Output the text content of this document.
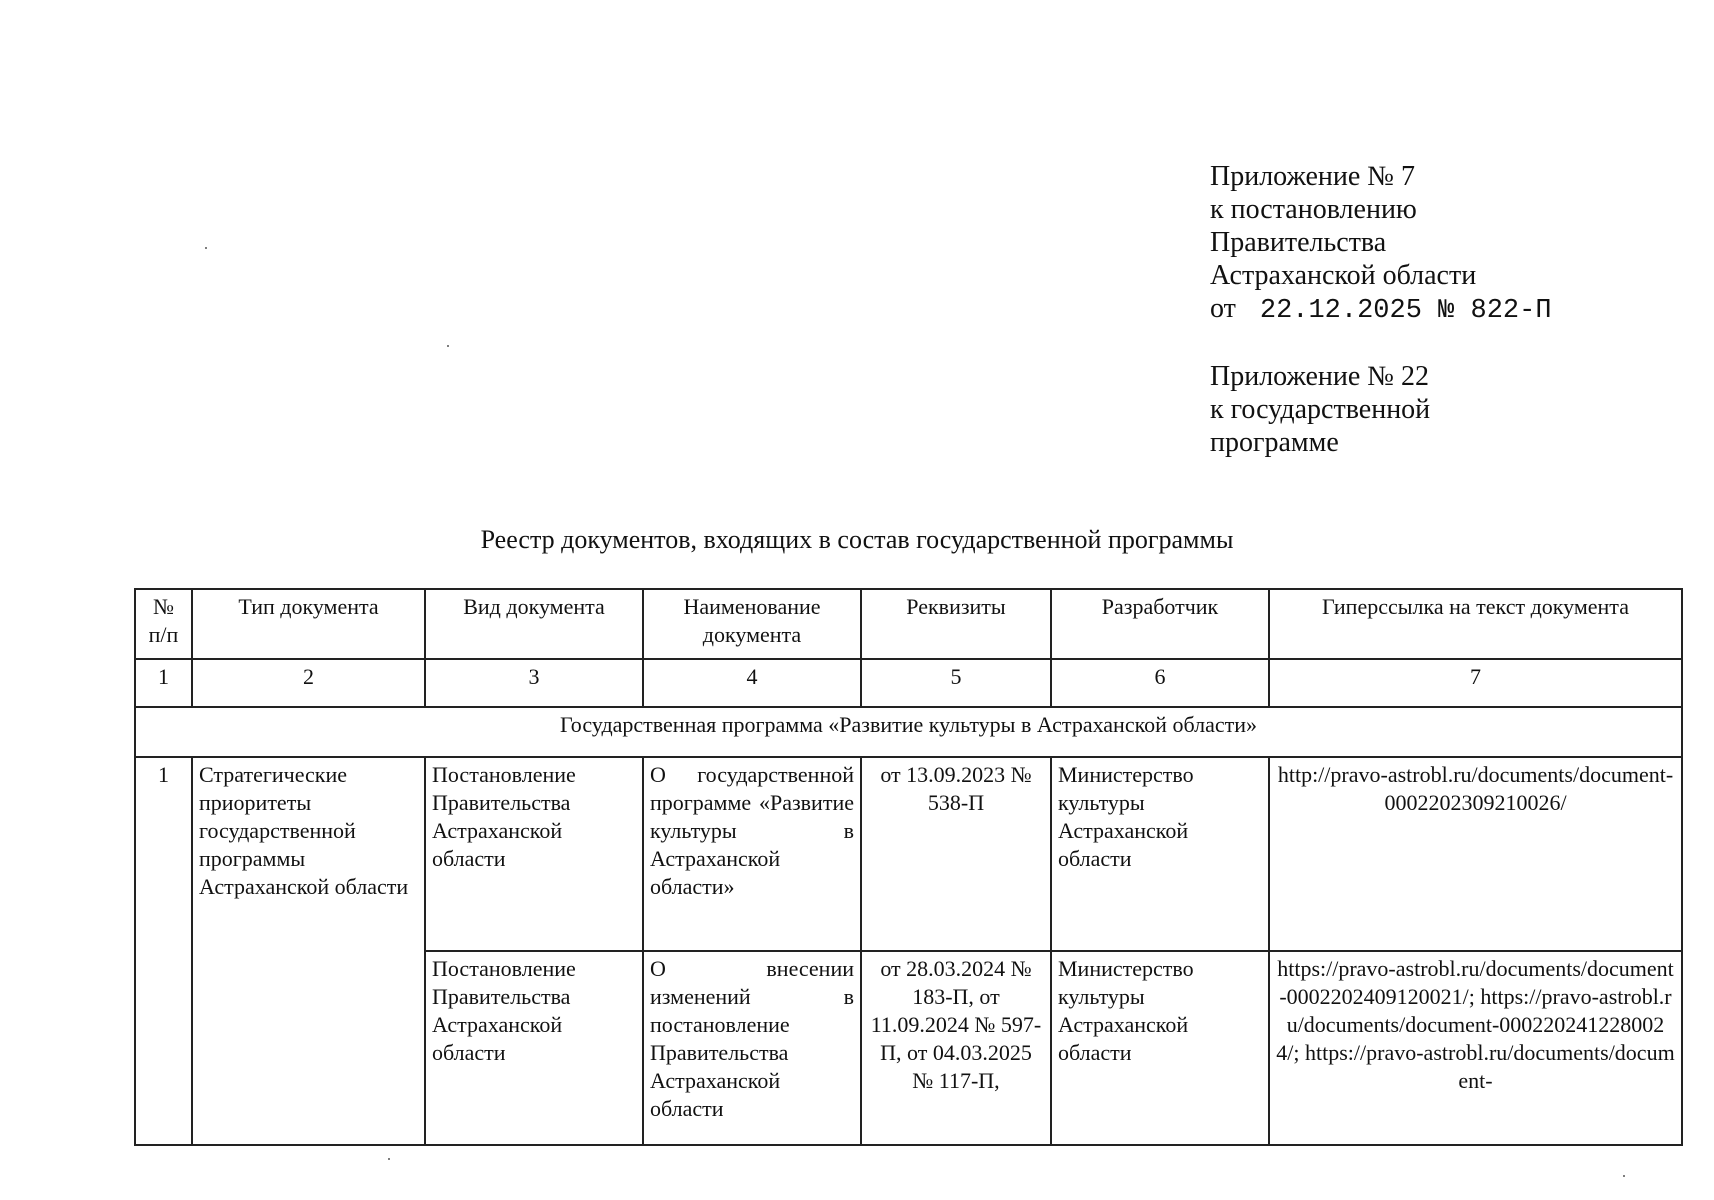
Приложение № 7
к постановлению
Правительства
Астраханской области
от 22.12.2025 № 822-П
Приложение № 22
к государственной
программе
Реестр документов, входящих в состав государственной программы
№ п/п	Тип документа	Вид документа	Наименование документа	Реквизиты	Разработчик	Гиперссылка на текст документа
1	2	3	4	5	6	7
Государственная программа «Развитие культуры в Астраханской области»						
1	Стратегические приоритеты государственной программы Астраханской области	Постановление Правительства Астраханской области	О государственной программе «Развитие культуры в Астраханской области»	от 13.09.2023 № 538-П	Министерство культуры Астраханской области	http://pravo-astrobl.ru/documents/document-0002202309210026/
		Постановление Правительства Астраханской области	О внесении изменений в постановление Правительства Астраханской области	от 28.03.2024 № 183-П, от 11.09.2024 № 597-П, от 04.03.2025 № 117-П,	Министерство культуры Астраханской области	https://pravo-astrobl.ru/documents/document-0002202409120021/; https://pravo-astrobl.ru/documents/document-0002202412280024/; https://pravo-astrobl.ru/documents/document-
